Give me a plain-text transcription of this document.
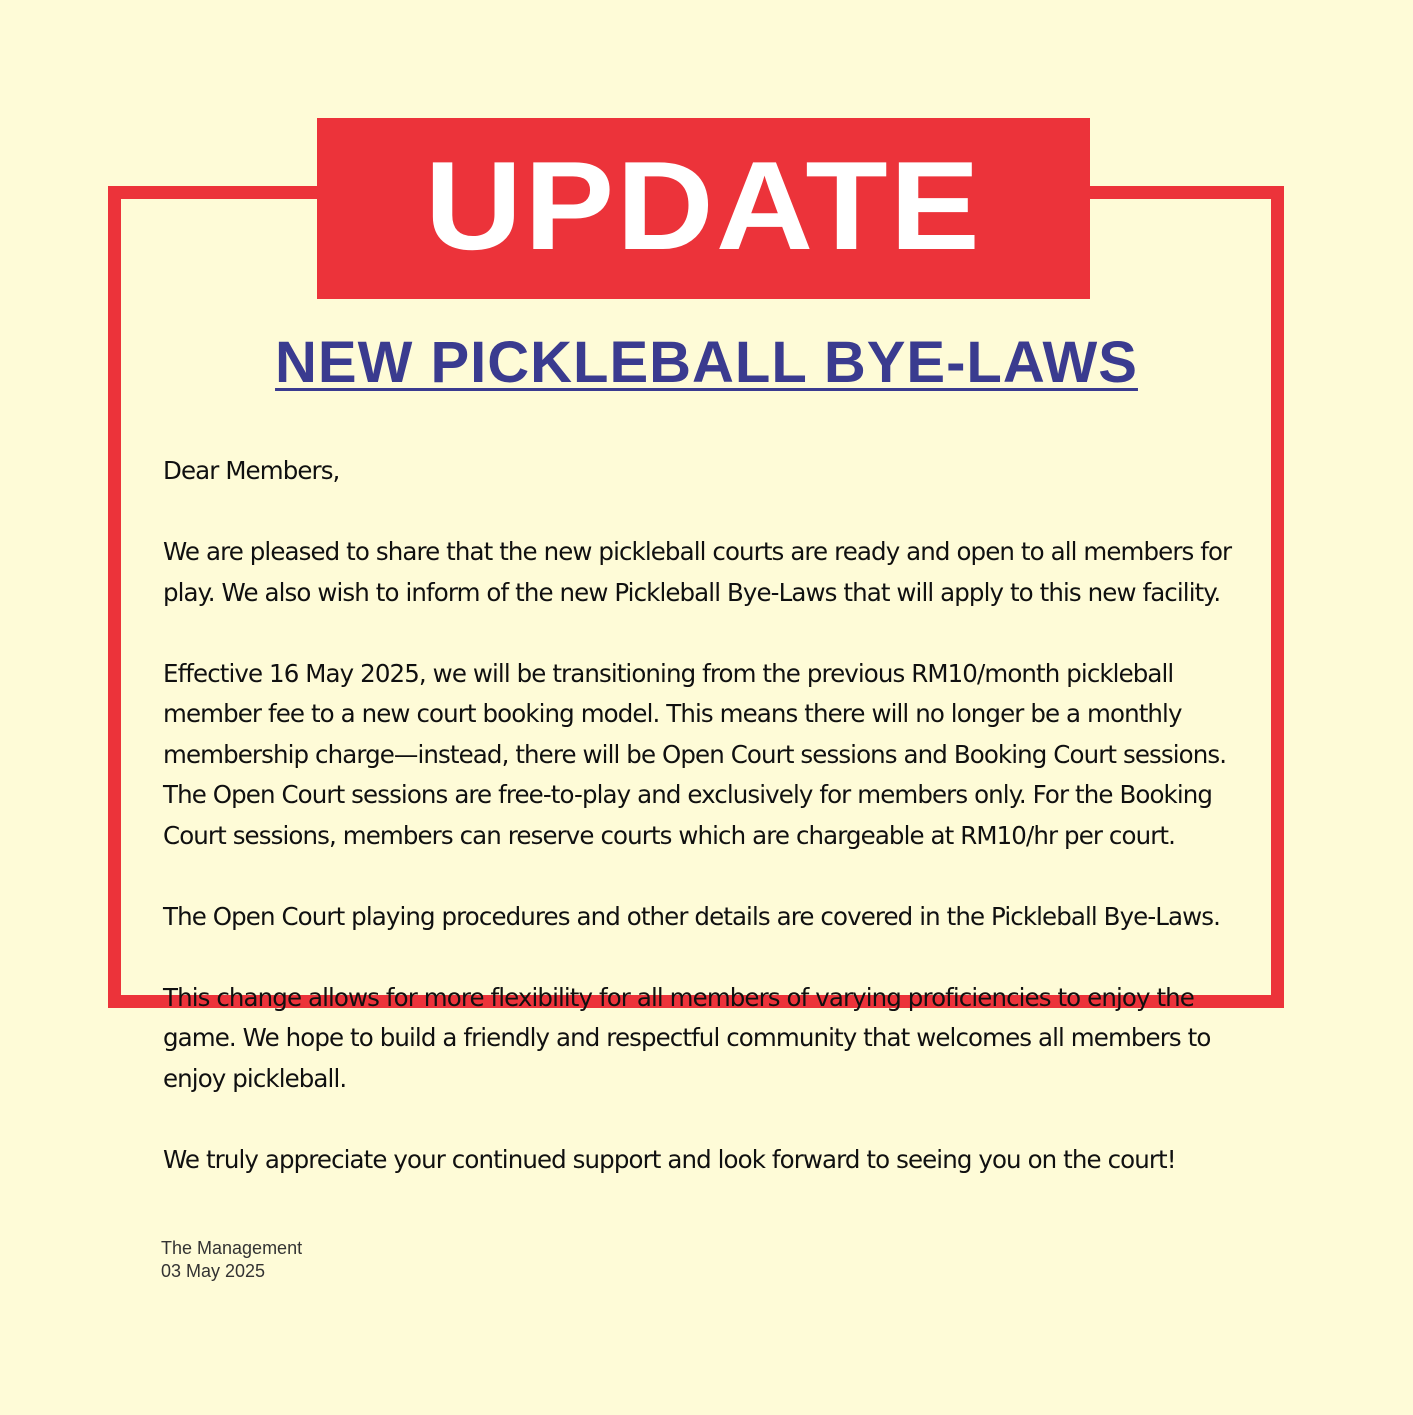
UPDATE
NEW PICKLEBALL BYE-LAWS

Dear Members,

We are pleased to share that the new pickleball courts are ready and open to all members for play. We also wish to inform of the new Pickleball Bye-Laws that will apply to this new facility.

Effective 16 May 2025, we will be transitioning from the previous RM10/month pickleball member fee to a new court booking model. This means there will no longer be a monthly membership charge—instead, there will be Open Court sessions and Booking Court sessions. The Open Court sessions are free-to-play and exclusively for members only. For the Booking Court sessions, members can reserve courts which are chargeable at RM10/hr per court.

The Open Court playing procedures and other details are covered in the Pickleball Bye-Laws.

This change allows for more flexibility for all members of varying proficiencies to enjoy the game. We hope to build a friendly and respectful community that welcomes all members to enjoy pickleball.

We truly appreciate your continued support and look forward to seeing you on the court!

The Management
03 May 2025
